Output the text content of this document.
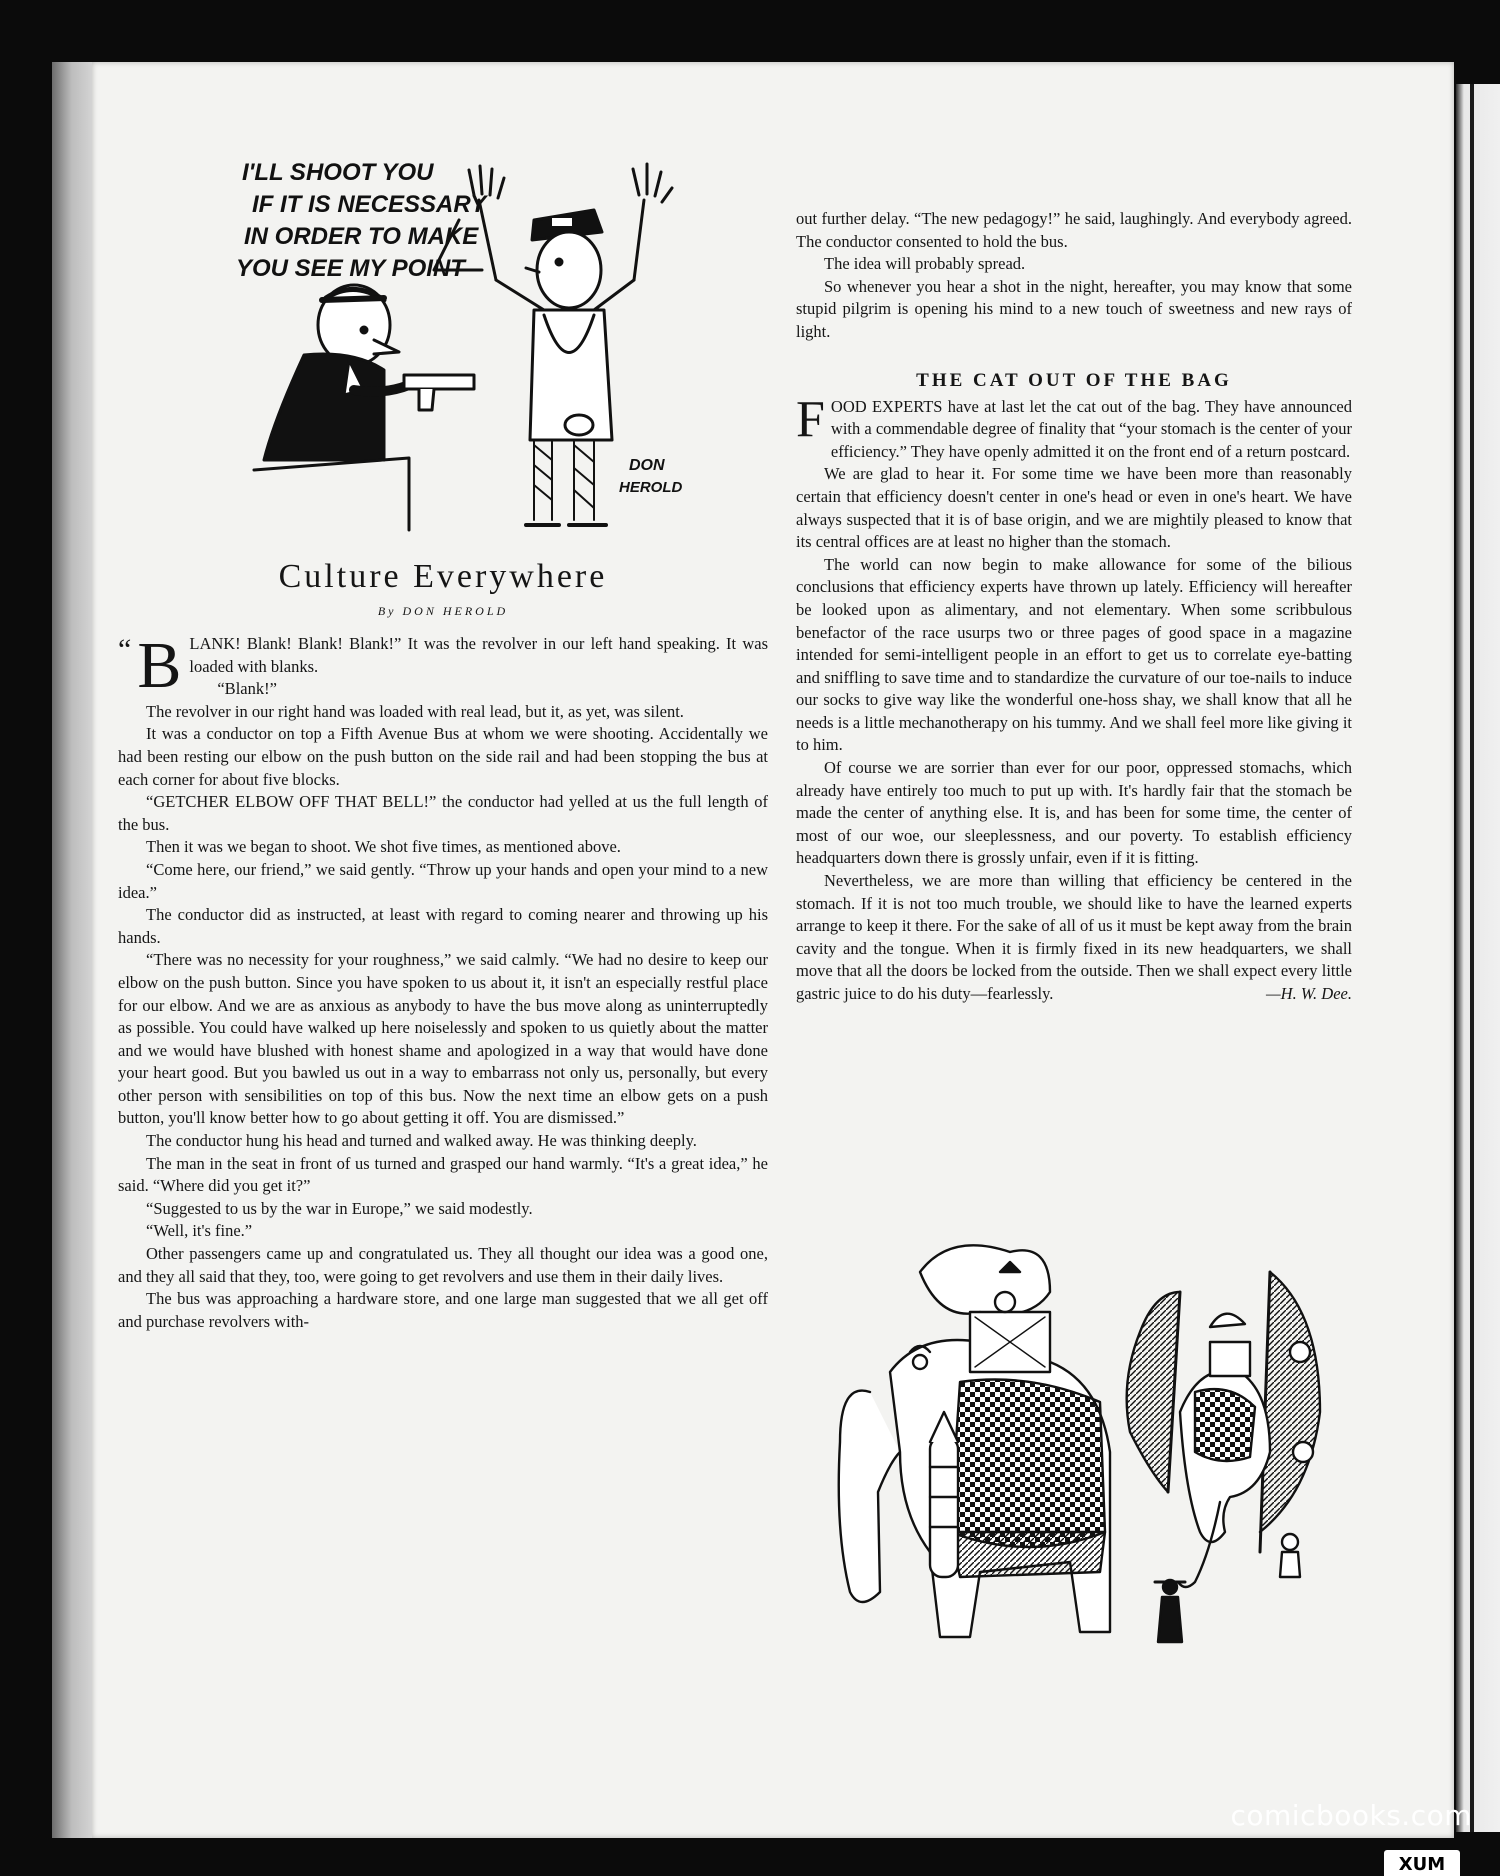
I'LL SHOOT YOU
IF IT IS NECESSARY
IN ORDER TO MAKE
YOU SEE MY POINT
DON
HEROLD
Culture Everywhere
By DON HEROLD

“ B LANK! Blank! Blank! Blank!” It was the revolver in our left hand speaking. It was loaded with blanks.

“Blank!”

The revolver in our right hand was loaded with real lead, but it, as yet, was silent.

It was a conductor on top a Fifth Avenue Bus at whom we were shooting. Accidentally we had been resting our elbow on the push button on the side rail and had been stopping the bus at each corner for about five blocks.

“GETCHER ELBOW OFF THAT BELL!” the conductor had yelled at us the full length of the bus.

Then it was we began to shoot. We shot five times, as mentioned above.

“Come here, our friend,” we said gently. “Throw up your hands and open your mind to a new idea.”

The conductor did as instructed, at least with regard to coming nearer and throwing up his hands.

“There was no necessity for your roughness,” we said calmly. “We had no desire to keep our elbow on the push button. Since you have spoken to us about it, it isn't an especially restful place for our elbow. And we are as anxious as anybody to have the bus move along as uninterruptedly as possible. You could have walked up here noiselessly and spoken to us quietly about the matter and we would have blushed with honest shame and apologized in a way that would have done your heart good. But you bawled us out in a way to embarrass not only us, personally, but every other person with sensibilities on top of this bus. Now the next time an elbow gets on a push button, you'll know better how to go about getting it off. You are dismissed.”

The conductor hung his head and turned and walked away. He was thinking deeply.

The man in the seat in front of us turned and grasped our hand warmly. “It's a great idea,” he said. “Where did you get it?”

“Suggested to us by the war in Europe,” we said modestly.

“Well, it's fine.”

Other passengers came up and congratulated us. They all thought our idea was a good one, and they all said that they, too, were going to get revolvers and use them in their daily lives.

The bus was approaching a hardware store, and one large man suggested that we all get off and purchase revolvers with-

out further delay. “The new pedagogy!” he said, laughingly. And everybody agreed. The conductor consented to hold the bus.

The idea will probably spread.

So whenever you hear a shot in the night, hereafter, you may know that some stupid pilgrim is opening his mind to a new touch of sweetness and new rays of light.

THE CAT OUT OF THE BAG

FOOD EXPERTS have at last let the cat out of the bag. They have announced with a commendable degree of finality that “your stomach is the center of your efficiency.” They have openly admitted it on the front end of a return postcard.

We are glad to hear it. For some time we have been more than reasonably certain that efficiency doesn't center in one's head or even in one's heart. We have always suspected that it is of base origin, and we are mightily pleased to know that its central offices are at least no higher than the stomach.

The world can now begin to make allowance for some of the bilious conclusions that efficiency experts have thrown up lately. Efficiency will hereafter be looked upon as alimentary, and not elementary. When some scribbulous benefactor of the race usurps two or three pages of good space in a magazine intended for semi-intelligent people in an effort to get us to correlate eye-batting and sniffling to save time and to standardize the curvature of our toe-nails to induce our socks to give way like the wonderful one-hoss shay, we shall know that all he needs is a little mechanotherapy on his tummy. And we shall feel more like giving it to him.

Of course we are sorrier than ever for our poor, oppressed stomachs, which already have entirely too much to put up with. It's hardly fair that the stomach be made the center of anything else. It is, and has been for some time, the center of most of our woe, our sleeplessness, and our poverty. To establish efficiency headquarters down there is grossly unfair, even if it is fitting.

Nevertheless, we are more than willing that efficiency be centered in the stomach. If it is not too much trouble, we should like to have the learned experts arrange to keep it there. For the sake of all of us it must be kept away from the brain cavity and the tongue. When it is firmly fixed in its new headquarters, we shall move that all the doors be locked from the outside. Then we shall expect every little gastric juice to do his duty—fearlessly.	—H. W. Dee.

comicbooks.com
XUM
